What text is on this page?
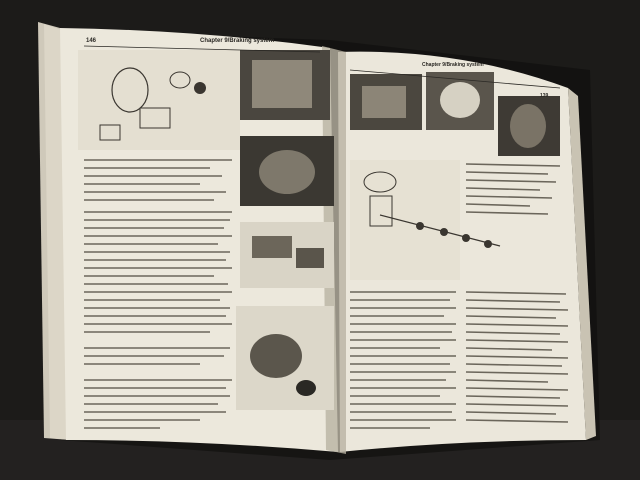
146	Chapter 9/Braking system
Chapter 9/Braking system
139
